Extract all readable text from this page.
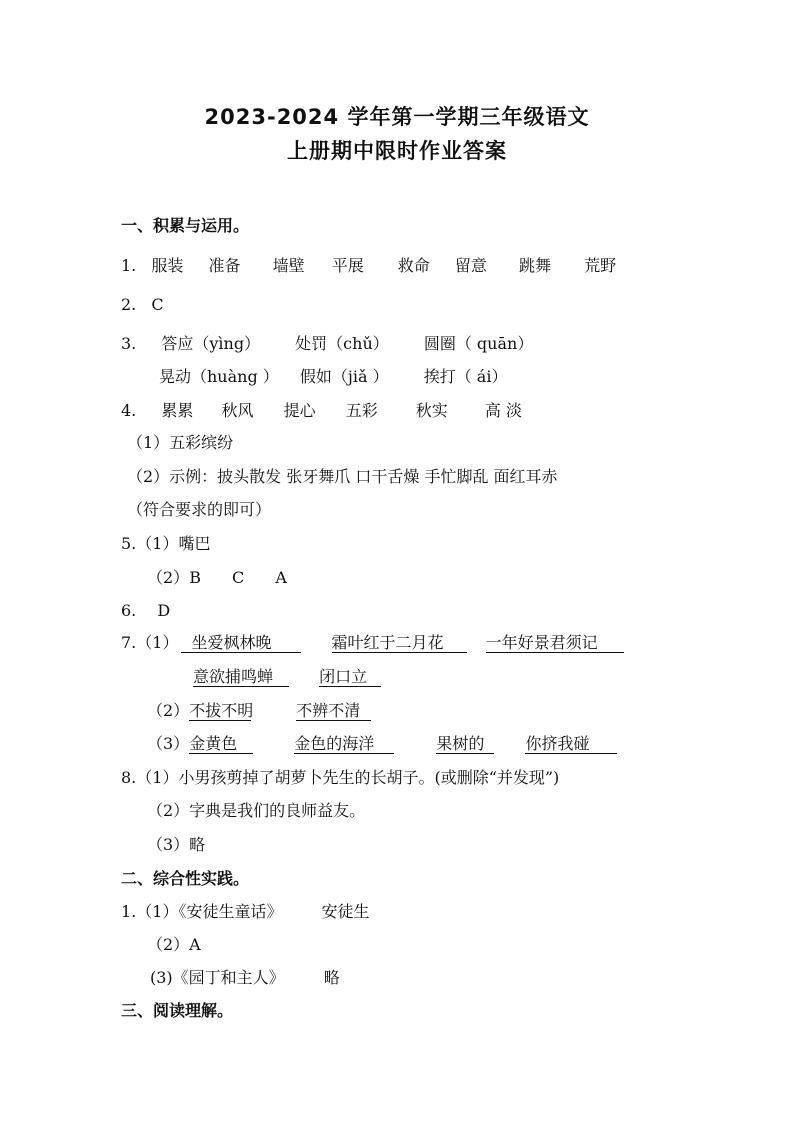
2023-2024 学年第一学期三年级语文
上册期中限时作业答案
一、积累与运用。
1. 服装 准备 墙壁 平展 救命 留意 跳舞 荒野
2. C
3. 答应（yìng） 处罚（chǔ） 圆圈（ quān）
晃动（huàng ） 假如（jiǎ ） 挨打（ ái）
4. 累累 秋风 提心 五彩 秋实 高 淡
（1）五彩缤纷
（2）示例：披头散发 张牙舞爪 口干舌燥 手忙脚乱 面红耳赤
（符合要求的即可）
5.（1）嘴巴
（2）B C A
6. D
7.（1） 坐爱枫林晚	霜叶红于二月花	一年好景君须记
意欲捕鸣蝉	闭口立
（2）不拔不明	不辨不清
（3）金黄色	金色的海洋	果树的	你挤我碰
8.（1）小男孩剪掉了胡萝卜先生的长胡子。(或删除“并发现”)
（2）字典是我们的良师益友。
（3）略
二、综合性实践。
1.（1）《安徒生童话》 安徒生
（2）A
(3)《园丁和主人》 略
三、阅读理解。
